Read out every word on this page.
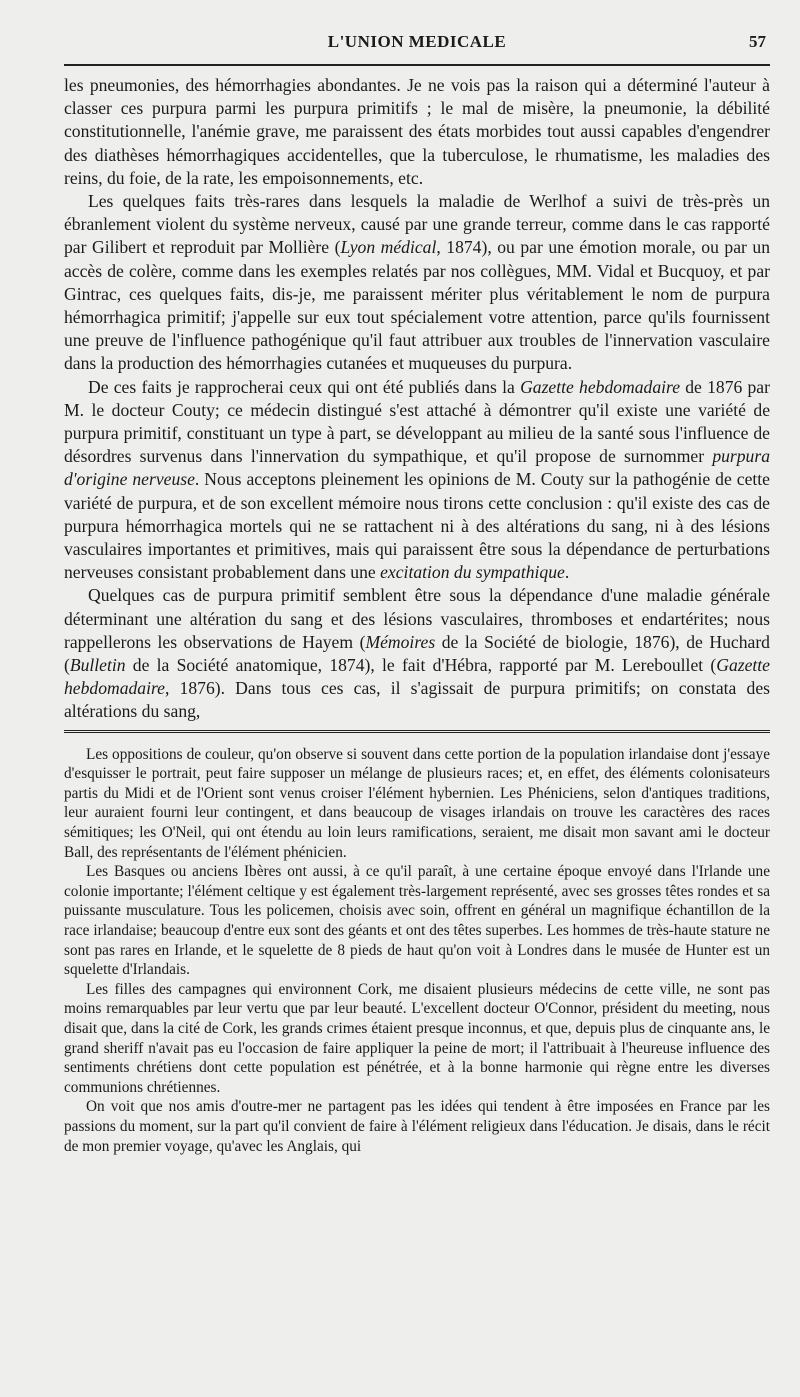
L'UNION MEDICALE	57

les pneumonies, des hémorrhagies abondantes. Je ne vois pas la raison qui a déterminé l'auteur à classer ces purpura parmi les purpura primitifs ; le mal de misère, la pneumonie, la débilité constitutionnelle, l'anémie grave, me paraissent des états morbides tout aussi capables d'engendrer des diathèses hémorrhagiques accidentelles, que la tuberculose, le rhumatisme, les maladies des reins, du foie, de la rate, les empoisonnements, etc.

Les quelques faits très-rares dans lesquels la maladie de Werlhof a suivi de très-près un ébranlement violent du système nerveux, causé par une grande terreur, comme dans le cas rapporté par Gilibert et reproduit par Mollière (Lyon médical, 1874), ou par une émotion morale, ou par un accès de colère, comme dans les exemples relatés par nos collègues, MM. Vidal et Bucquoy, et par Gintrac, ces quelques faits, dis-je, me paraissent mériter plus véritablement le nom de purpura hémorrhagica primitif; j'appelle sur eux tout spécialement votre attention, parce qu'ils fournissent une preuve de l'influence pathogénique qu'il faut attribuer aux troubles de l'innervation vasculaire dans la production des hémorrhagies cutanées et muqueuses du purpura.

De ces faits je rapprocherai ceux qui ont été publiés dans la Gazette hebdomadaire de 1876 par M. le docteur Couty; ce médecin distingué s'est attaché à démontrer qu'il existe une variété de purpura primitif, constituant un type à part, se développant au milieu de la santé sous l'influence de désordres survenus dans l'innervation du sympathique, et qu'il propose de surnommer purpura d'origine nerveuse. Nous acceptons pleinement les opinions de M. Couty sur la pathogénie de cette variété de purpura, et de son excellent mémoire nous tirons cette conclusion : qu'il existe des cas de purpura hémorrhagica mortels qui ne se rattachent ni à des altérations du sang, ni à des lésions vasculaires importantes et primitives, mais qui paraissent être sous la dépendance de perturbations nerveuses consistant probablement dans une excitation du sympathique.

Quelques cas de purpura primitif semblent être sous la dépendance d'une maladie générale déterminant une altération du sang et des lésions vasculaires, thromboses et endartérites; nous rappellerons les observations de Hayem (Mémoires de la Société de biologie, 1876), de Huchard (Bulletin de la Société anatomique, 1874), le fait d'Hébra, rapporté par M. Lereboullet (Gazette hebdomadaire, 1876). Dans tous ces cas, il s'agissait de purpura primitifs; on constata des altérations du sang,

Les oppositions de couleur, qu'on observe si souvent dans cette portion de la population irlandaise dont j'essaye d'esquisser le portrait, peut faire supposer un mélange de plusieurs races; et, en effet, des éléments colonisateurs partis du Midi et de l'Orient sont venus croiser l'élément hybernien. Les Phéniciens, selon d'antiques traditions, leur auraient fourni leur contingent, et dans beaucoup de visages irlandais on trouve les caractères des races sémitiques; les O'Neil, qui ont étendu au loin leurs ramifications, seraient, me disait mon savant ami le docteur Ball, des représentants de l'élément phénicien.

Les Basques ou anciens Ibères ont aussi, à ce qu'il paraît, à une certaine époque envoyé dans l'Irlande une colonie importante; l'élément celtique y est également très-largement représenté, avec ses grosses têtes rondes et sa puissante musculature. Tous les policemen, choisis avec soin, offrent en général un magnifique échantillon de la race irlandaise; beaucoup d'entre eux sont des géants et ont des têtes superbes. Les hommes de très-haute stature ne sont pas rares en Irlande, et le squelette de 8 pieds de haut qu'on voit à Londres dans le musée de Hunter est un squelette d'Irlandais.

Les filles des campagnes qui environnent Cork, me disaient plusieurs médecins de cette ville, ne sont pas moins remarquables par leur vertu que par leur beauté. L'excellent docteur O'Connor, président du meeting, nous disait que, dans la cité de Cork, les grands crimes étaient presque inconnus, et que, depuis plus de cinquante ans, le grand sheriff n'avait pas eu l'occasion de faire appliquer la peine de mort; il l'attribuait à l'heureuse influence des sentiments chrétiens dont cette population est pénétrée, et à la bonne harmonie qui règne entre les diverses communions chrétiennes.

On voit que nos amis d'outre-mer ne partagent pas les idées qui tendent à être imposées en France par les passions du moment, sur la part qu'il convient de faire à l'élément religieux dans l'éducation. Je disais, dans le récit de mon premier voyage, qu'avec les Anglais, qui
